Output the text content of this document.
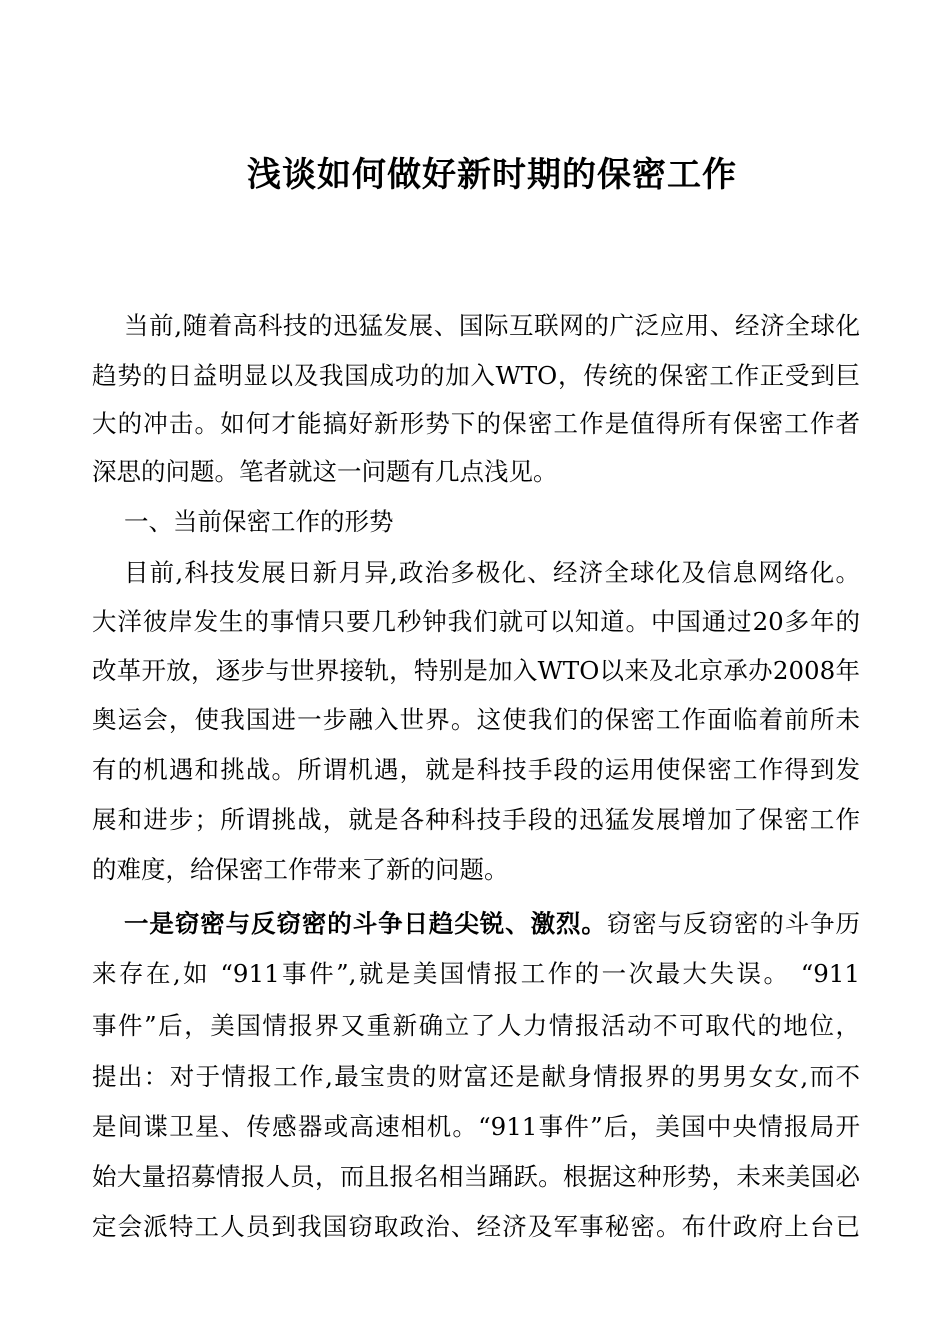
浅谈如何做好新时期的保密工作
当前,随着高科技的迅猛发展、国际互联网的广泛应用、经济全球化
趋势的日益明显以及我国成功的加入WTO，传统的保密工作正受到巨
大的冲击。如何才能搞好新形势下的保密工作是值得所有保密工作者
深思的问题。笔者就这一问题有几点浅见。
一、当前保密工作的形势
目前,科技发展日新月异,政治多极化、经济全球化及信息网络化。
大洋彼岸发生的事情只要几秒钟我们就可以知道。中国通过20多年的
改革开放，逐步与世界接轨，特别是加入WTO以来及北京承办2008年
奥运会，使我国进一步融入世界。这使我们的保密工作面临着前所未
有的机遇和挑战。所谓机遇，就是科技手段的运用使保密工作得到发
展和进步；所谓挑战，就是各种科技手段的迅猛发展增加了保密工作
的难度，给保密工作带来了新的问题。
一是窃密与反窃密的斗争日趋尖锐、激烈。窃密与反窃密的斗争历
来存在,如 “911事件”,就是美国情报工作的一次最大失误。 “911
事件”后，美国情报界又重新确立了人力情报活动不可取代的地位，
提出：对于情报工作,最宝贵的财富还是献身情报界的男男女女,而不
是间谍卫星、传感器或高速相机。“911事件”后，美国中央情报局开
始大量招募情报人员，而且报名相当踊跃。根据这种形势，未来美国必
定会派特工人员到我国窃取政治、经济及军事秘密。布什政府上台已
